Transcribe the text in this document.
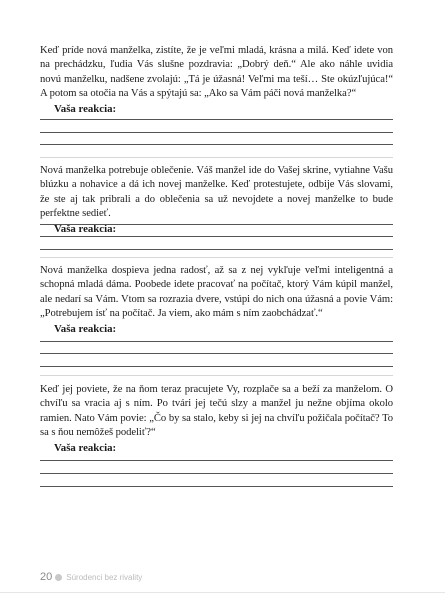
Keď príde nová manželka, zistíte, že je veľmi mladá, krásna a milá. Keď idete von na prechádzku, ľudia Vás slušne pozdravia: „Dobrý deň.“ Ale ako náhle uvidia novú manželku, nadšene zvolajú: „Tá je úžasná! Veľmi ma teší… Ste okúzľujúca!“ A potom sa otočia na Vás a spýtajú sa: „Ako sa Vám páči nová manželka?“

Vaša reakcia:

Nová manželka potrebuje oblečenie. Váš manžel ide do Vašej skrine, vytiahne Vašu blúzku a nohavice a dá ich novej manželke. Keď protestujete, odbije Vás slovami, že ste aj tak pribrali a do oblečenia sa už nevojdete a novej manželke to bude perfektne sedieť.

Vaša reakcia:

Nová manželka dospieva jedna radosť, až sa z nej vykľuje veľmi inteligentná a schopná mladá dáma. Poobede idete pracovať na počítač, ktorý Vám kúpil manžel, ale nedarí sa Vám. Vtom sa rozrazia dvere, vstúpi do nich ona úžasná a povie Vám: „Potrebujem ísť na počítač. Ja viem, ako mám s ním zaobchádzať.“

Vaša reakcia:

Keď jej poviete, že na ňom teraz pracujete Vy, rozplače sa a beží za manželom. O chvíľu sa vracia aj s ním. Po tvári jej tečú slzy a manžel ju nežne objíma okolo ramien. Nato Vám povie: „Čo by sa stalo, keby si jej na chvíľu požičala počítač? To sa s ňou nemôžeš podeliť?“

Vaša reakcia:

20 Súrodenci bez rivality
